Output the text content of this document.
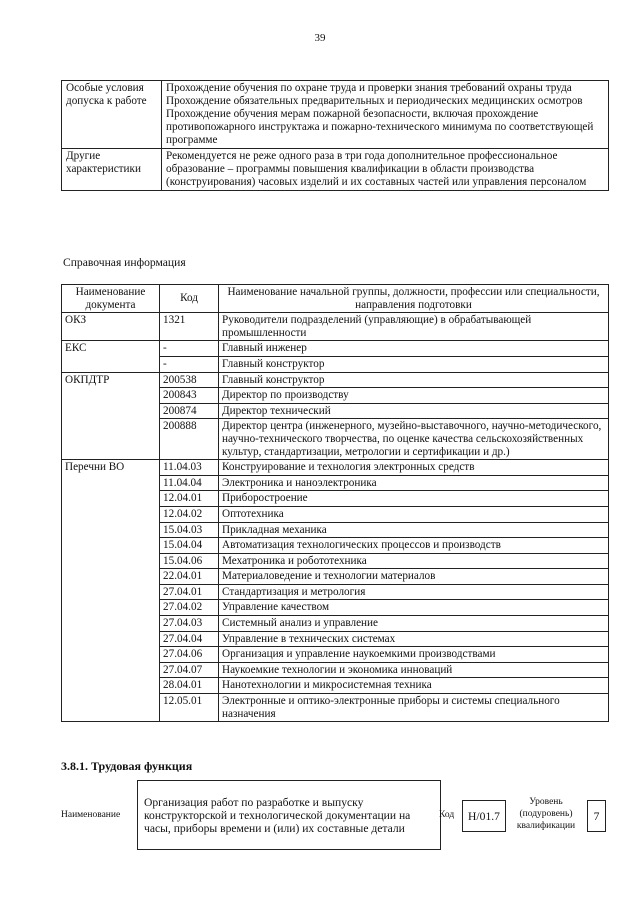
39
Особые условия допуска к работе	Прохождение обучения по охране труда и проверки знания требований охраны труда

Прохождение обязательных предварительных и периодических медицинских осмотров

Прохождение обучения мерам пожарной безопасности, включая прохождение противопожарного инструктажа и пожарно-технического минимума по соответствующей программе

Другие характеристики	Рекомендуется не реже одного раза в три года дополнительное профессиональное образование – программы повышения квалификации в области производства (конструирования) часовых изделий и их составных частей или управления персоналом

Справочная информация
Наименование документа	Код	Наименование начальной группы, должности, профессии или специальности, направления подготовки
ОКЗ	1321	Руководители подразделений (управляющие) в обрабатывающей промышленности
ЕКС	-	Главный инженер
	-	Главный конструктор
ОКПДТР	200538	Главный конструктор
	200843	Директор по производству
	200874	Директор технический
	200888	Директор центра (инженерного, музейно-выставочного, научно-методического, научно-технического творчества, по оценке качества сельскохозяйственных культур, стандартизации, метрологии и сертификации и др.)
Перечни ВО	11.04.03	Конструирование и технология электронных средств
	11.04.04	Электроника и наноэлектроника
	12.04.01	Приборостроение
	12.04.02	Оптотехника
	15.04.03	Прикладная механика
	15.04.04	Автоматизация технологических процессов и производств
	15.04.06	Мехатроника и робототехника
	22.04.01	Материаловедение и технологии материалов
	27.04.01	Стандартизация и метрология
	27.04.02	Управление качеством
	27.04.03	Системный анализ и управление
	27.04.04	Управление в технических системах
	27.04.06	Организация и управление наукоемкими производствами
	27.04.07	Наукоемкие технологии и экономика инноваций
	28.04.01	Нанотехнологии и микросистемная техника
	12.05.01	Электронные и оптико-электронные приборы и системы специального назначения
3.8.1. Трудовая функция
Наименование
Организация работ по разработке и выпуску конструкторской и технологической документации на часы, приборы времени и (или) их составные детали
Код Н/01.7
Уровень (подуровень) квалификации
7
